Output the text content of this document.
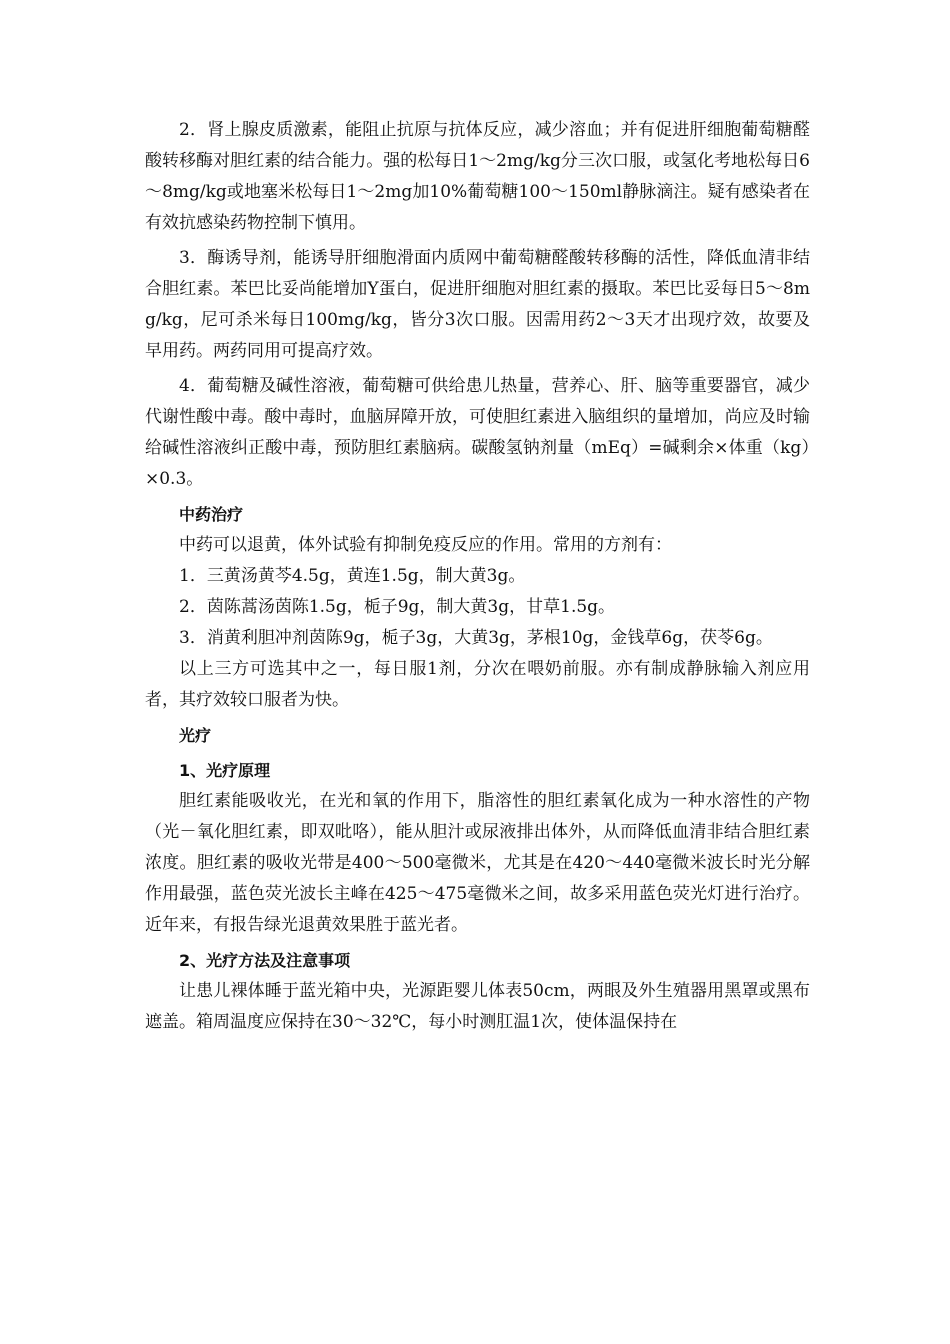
2．肾上腺皮质激素，能阻止抗原与抗体反应，减少溶血；并有促进肝细胞葡萄糖醛酸转移酶对胆红素的结合能力。强的松每日1～2mg/kg分三次口服，或氢化考地松每日6～8mg/kg或地塞米松每日1～2mg加10%葡萄糖100～150ml静脉滴注。疑有感染者在有效抗感染药物控制下慎用。

3．酶诱导剂，能诱导肝细胞滑面内质网中葡萄糖醛酸转移酶的活性，降低血清非结合胆红素。苯巴比妥尚能增加Y蛋白，促进肝细胞对胆红素的摄取。苯巴比妥每日5～8mg/kg，尼可杀米每日100mg/kg，皆分3次口服。因需用药2～3天才出现疗效，故要及早用药。两药同用可提高疗效。

4．葡萄糖及碱性溶液，葡萄糖可供给患儿热量，营养心、肝、脑等重要器官，减少代谢性酸中毒。酸中毒时，血脑屏障开放，可使胆红素进入脑组织的量增加，尚应及时输给碱性溶液纠正酸中毒，预防胆红素脑病。碳酸氢钠剂量（mEq）=碱剩余×体重（kg）×0.3。

中药治疗

中药可以退黄，体外试验有抑制免疫反应的作用。常用的方剂有：

1．三黄汤黄芩4.5g，黄连1.5g，制大黄3g。

2．茵陈蒿汤茵陈1.5g，栀子9g，制大黄3g，甘草1.5g。

3．消黄利胆冲剂茵陈9g，栀子3g，大黄3g，茅根10g，金钱草6g，茯苓6g。

以上三方可选其中之一，每日服1剂，分次在喂奶前服。亦有制成静脉输入剂应用者，其疗效较口服者为快。

光疗

1、光疗原理

胆红素能吸收光，在光和氧的作用下，脂溶性的胆红素氧化成为一种水溶性的产物（光－氧化胆红素，即双吡咯），能从胆汁或尿液排出体外，从而降低血清非结合胆红素浓度。胆红素的吸收光带是400～500毫微米，尤其是在420～440毫微米波长时光分解作用最强，蓝色荧光波长主峰在425～475毫微米之间，故多采用蓝色荧光灯进行治疗。近年来，有报告绿光退黄效果胜于蓝光者。

2、光疗方法及注意事项

让患儿裸体睡于蓝光箱中央，光源距婴儿体表50cm，两眼及外生殖器用黑罩或黑布遮盖。箱周温度应保持在30～32℃，每小时测肛温1次，使体温保持在
